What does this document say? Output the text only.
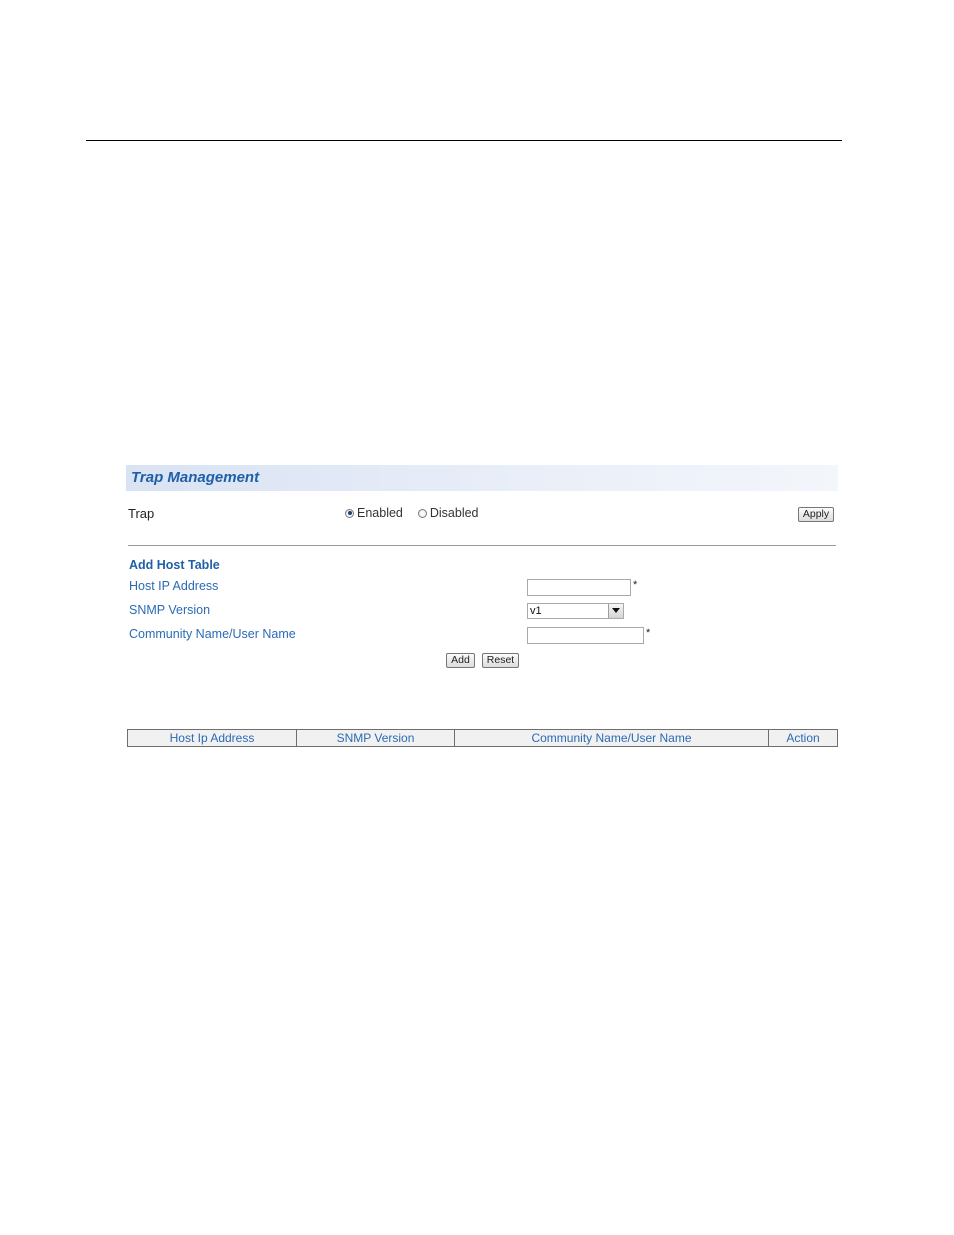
Trap Management
Trap	Enabled Disabled	Apply
Add Host Table
Host IP Address	*
SNMP Version	v1
Community Name/User Name	*
Add	Reset
Host Ip Address	SNMP Version	Community Name/User Name	Action
